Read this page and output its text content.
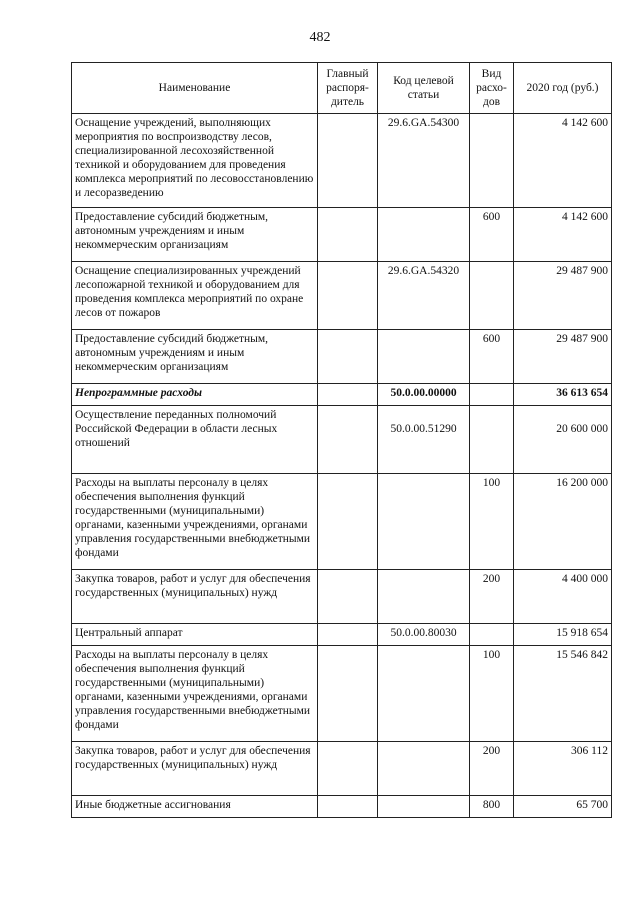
482
Наименование	Главный распоря-дитель	Код целевой статьи	Вид расхо-дов	2020 год (руб.)
Оснащение учреждений, выполняющих мероприятия по воспроизводству лесов, специализированной лесохозяйственной техникой и оборудованием для проведения комплекса мероприятий по лесовосстановлению и лесоразведению		29.6.GA.54300		4 142 600
Предоставление субсидий бюджетным, автономным учреждениям и иным некоммерческим организациям			600	4 142 600
Оснащение специализированных учреждений лесопожарной техникой и оборудованием для проведения комплекса мероприятий по охране лесов от пожаров		29.6.GA.54320		29 487 900
Предоставление субсидий бюджетным, автономным учреждениям и иным некоммерческим организациям			600	29 487 900
Непрограммные расходы		50.0.00.00000		36 613 654
Осуществление переданных полномочий Российской Федерации в области лесных отношений		50.0.00.51290		20 600 000
Расходы на выплаты персоналу в целях обеспечения выполнения функций государственными (муниципальными) органами, казенными учреждениями, органами управления государственными внебюджетными фондами			100	16 200 000
Закупка товаров, работ и услуг для обеспечения государственных (муниципальных) нужд			200	4 400 000
Центральный аппарат		50.0.00.80030		15 918 654
Расходы на выплаты персоналу в целях обеспечения выполнения функций государственными (муниципальными) органами, казенными учреждениями, органами управления государственными внебюджетными фондами			100	15 546 842
Закупка товаров, работ и услуг для обеспечения государственных (муниципальных) нужд			200	306 112
Иные бюджетные ассигнования			800	65 700
